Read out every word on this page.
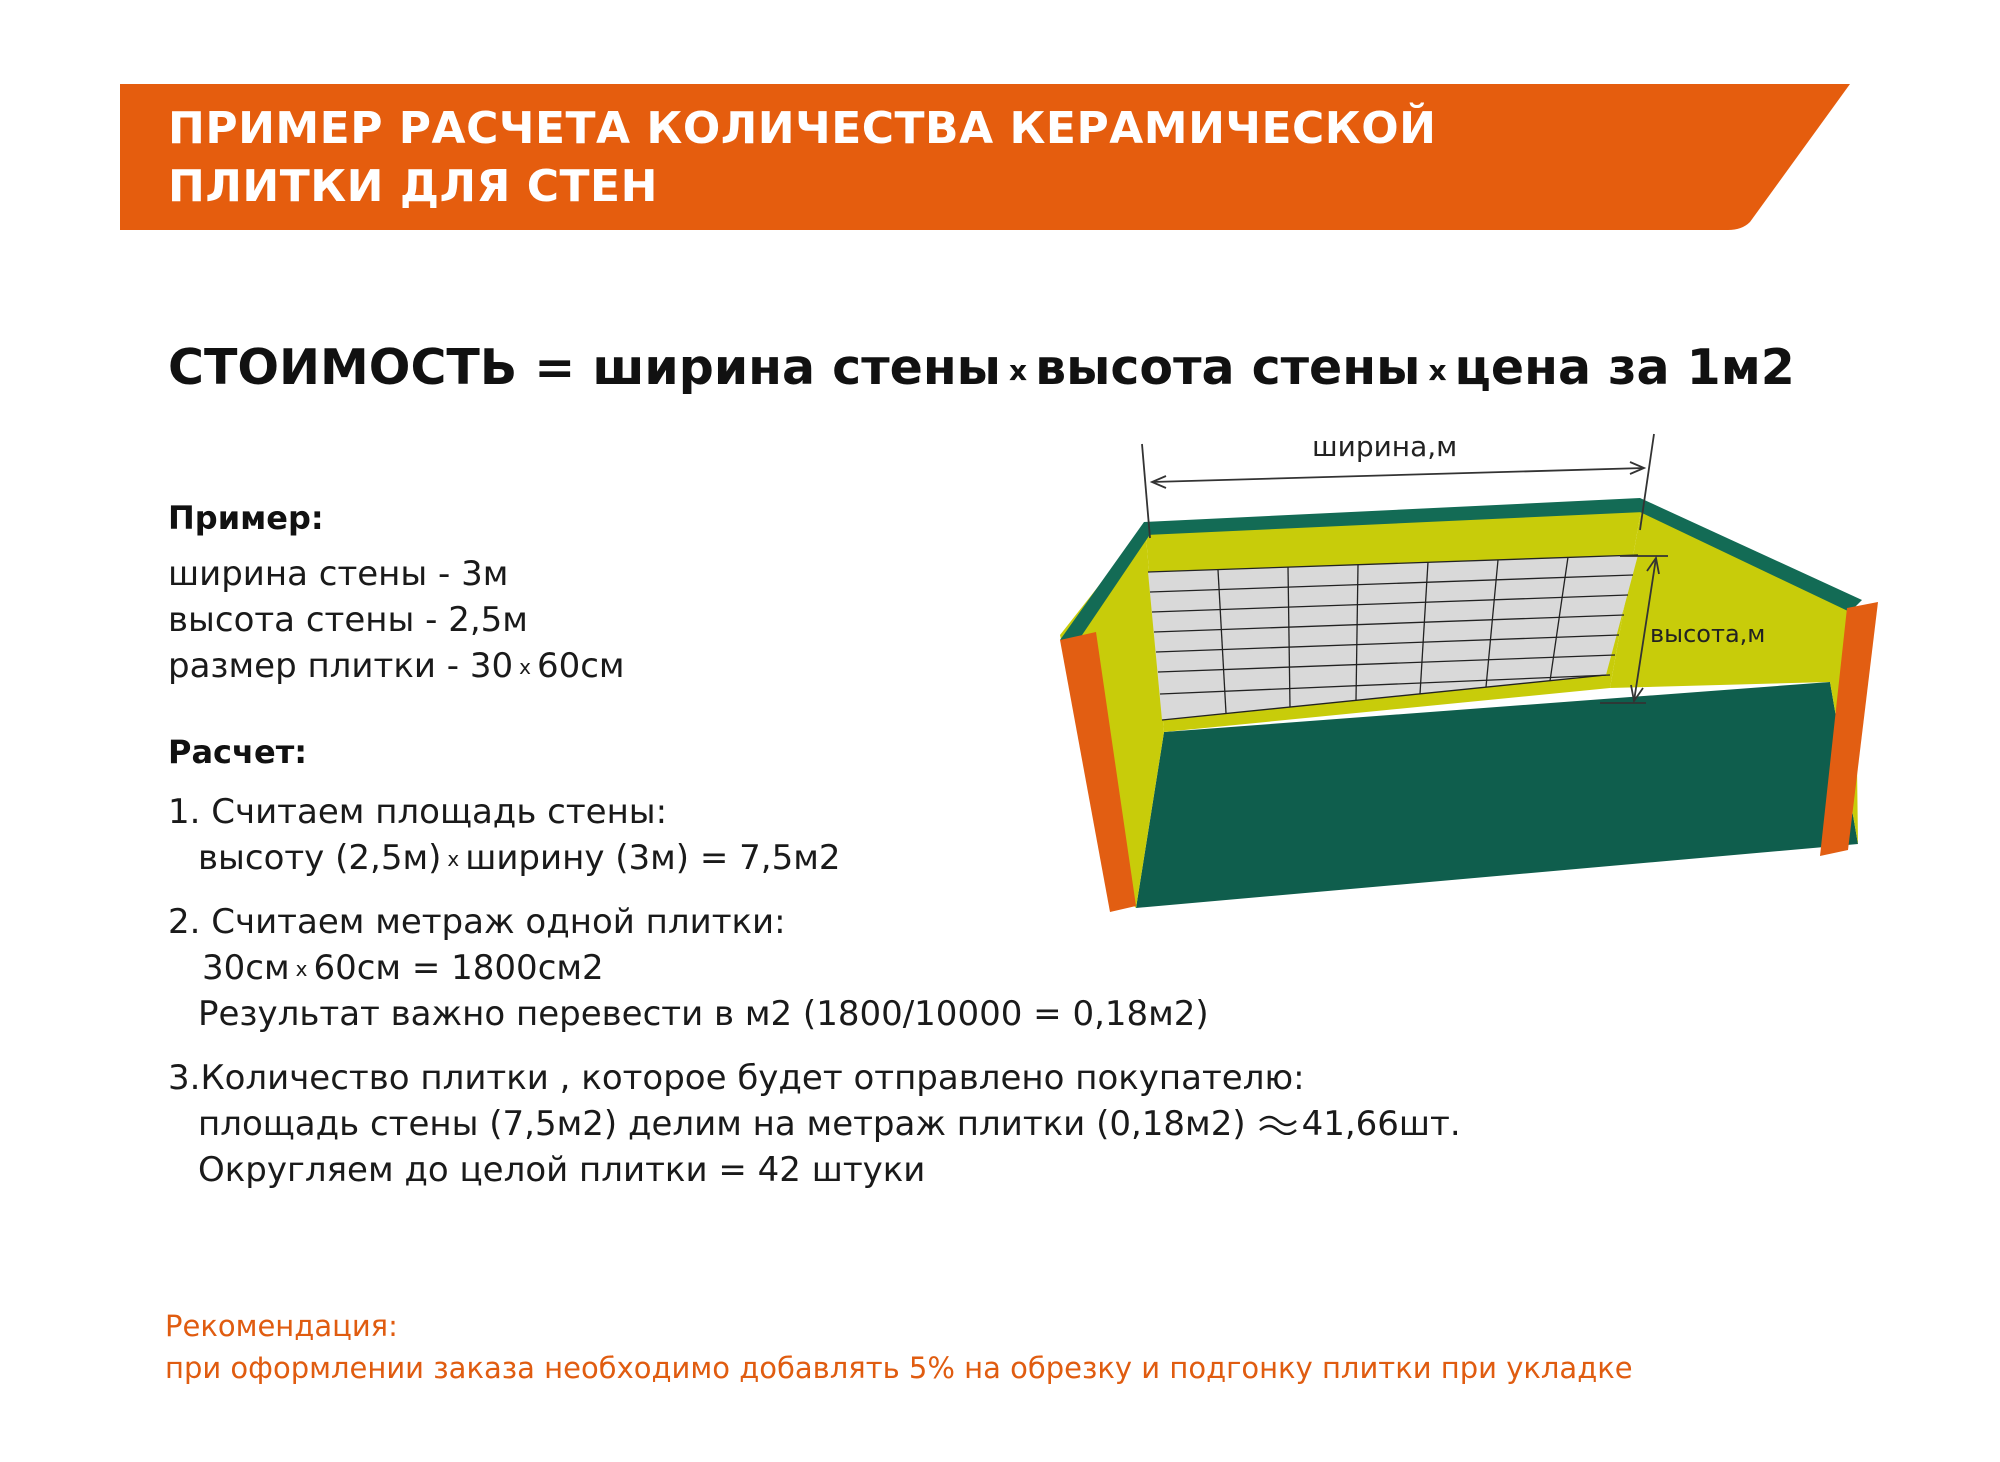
ПРИМЕР РАСЧЕТА КОЛИЧЕСТВА КЕРАМИЧЕСКОЙ
ПЛИТКИ ДЛЯ СТЕН

СТОИМОСТЬ = ширина стены x высота стены x цена за 1м2

Пример:

ширина стены - 3м

высота стены - 2,5м

размер плитки - 30 x 60см

Расчет:

1. Считаем площадь стены:

высоту (2,5м) x ширину (3м) = 7,5м2

2. Считаем метраж одной плитки:

30см x 60см = 1800см2

Результат важно перевести в м2 (1800/10000 = 0,18м2)

3.Количество плитки , которое будет отправлено покупателю:

площадь стены (7,5м2) делим на метраж плитки (0,18м2) 41,66шт.

Округляем до целой плитки = 42 штуки

Рекомендация:

при оформлении заказа необходимо добавлять 5% на обрезку и подгонку плитки при укладке

ширина,м

высота,м
